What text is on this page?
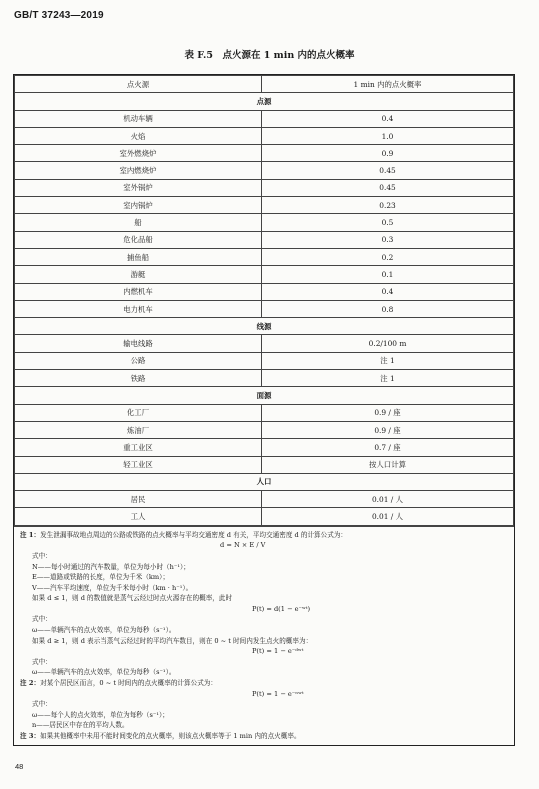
GB/T 37243—2019
表 F.5　点火源在 1 min 内的点火概率
点火源	1 min 内的点火概率
点源	
机动车辆	0.4
火焰	1.0
室外燃烧炉	0.9
室内燃烧炉	0.45
室外锅炉	0.45
室内锅炉	0.23
船	0.5
危化品船	0.3
捕鱼船	0.2
游艇	0.1
内燃机车	0.4
电力机车	0.8
线源	
输电线路	0.2/100 m
公路	注 1
铁路	注 1
面源	
化工厂	0.9 / 座
炼油厂	0.9 / 座
重工业区	0.7 / 座
轻工业区	按人口计算
人口	
居民	0.01 / 人
工人	0.01 / 人
注 1：发生泄漏事故地点周边的公路或铁路的点火概率与平均交通密度 d 有关，平均交通密度 d 的计算公式为：
d = N × E / V
式中：
N——每小时通过的汽车数量，单位为每小时（h⁻¹）；
E——道路或铁路的长度，单位为千米（km）；
V——汽车平均速度，单位为千米每小时（km · h⁻¹）。
如果 d ≤ 1，则 d 的数值就是蒸气云经过时点火源存在的概率，此时
P(t) = d(1 − e⁻ʷᵗ)
式中：
ω——单辆汽车的点火效率，单位为每秒（s⁻¹）。
如果 d ≥ 1，则 d 表示当蒸气云经过时的平均汽车数目，则在 0 ~ t 时间内发生点火的概率为：
P(t) = 1 − e⁻ᵈʷᵗ
式中：
ω——单辆汽车的点火效率，单位为每秒（s⁻¹）。
注 2：对某个居民区而言，0 ~ t 时间内的点火概率的计算公式为：
P(t) = 1 − e⁻ⁿʷᵗ
式中：
ω——每个人的点火效率，单位为每秒（s⁻¹）；
n——居民区中存在的平均人数。
注 3：如果其他概率中未用不能时间变化的点火概率，则该点火概率等于 1 min 内的点火概率。
48
